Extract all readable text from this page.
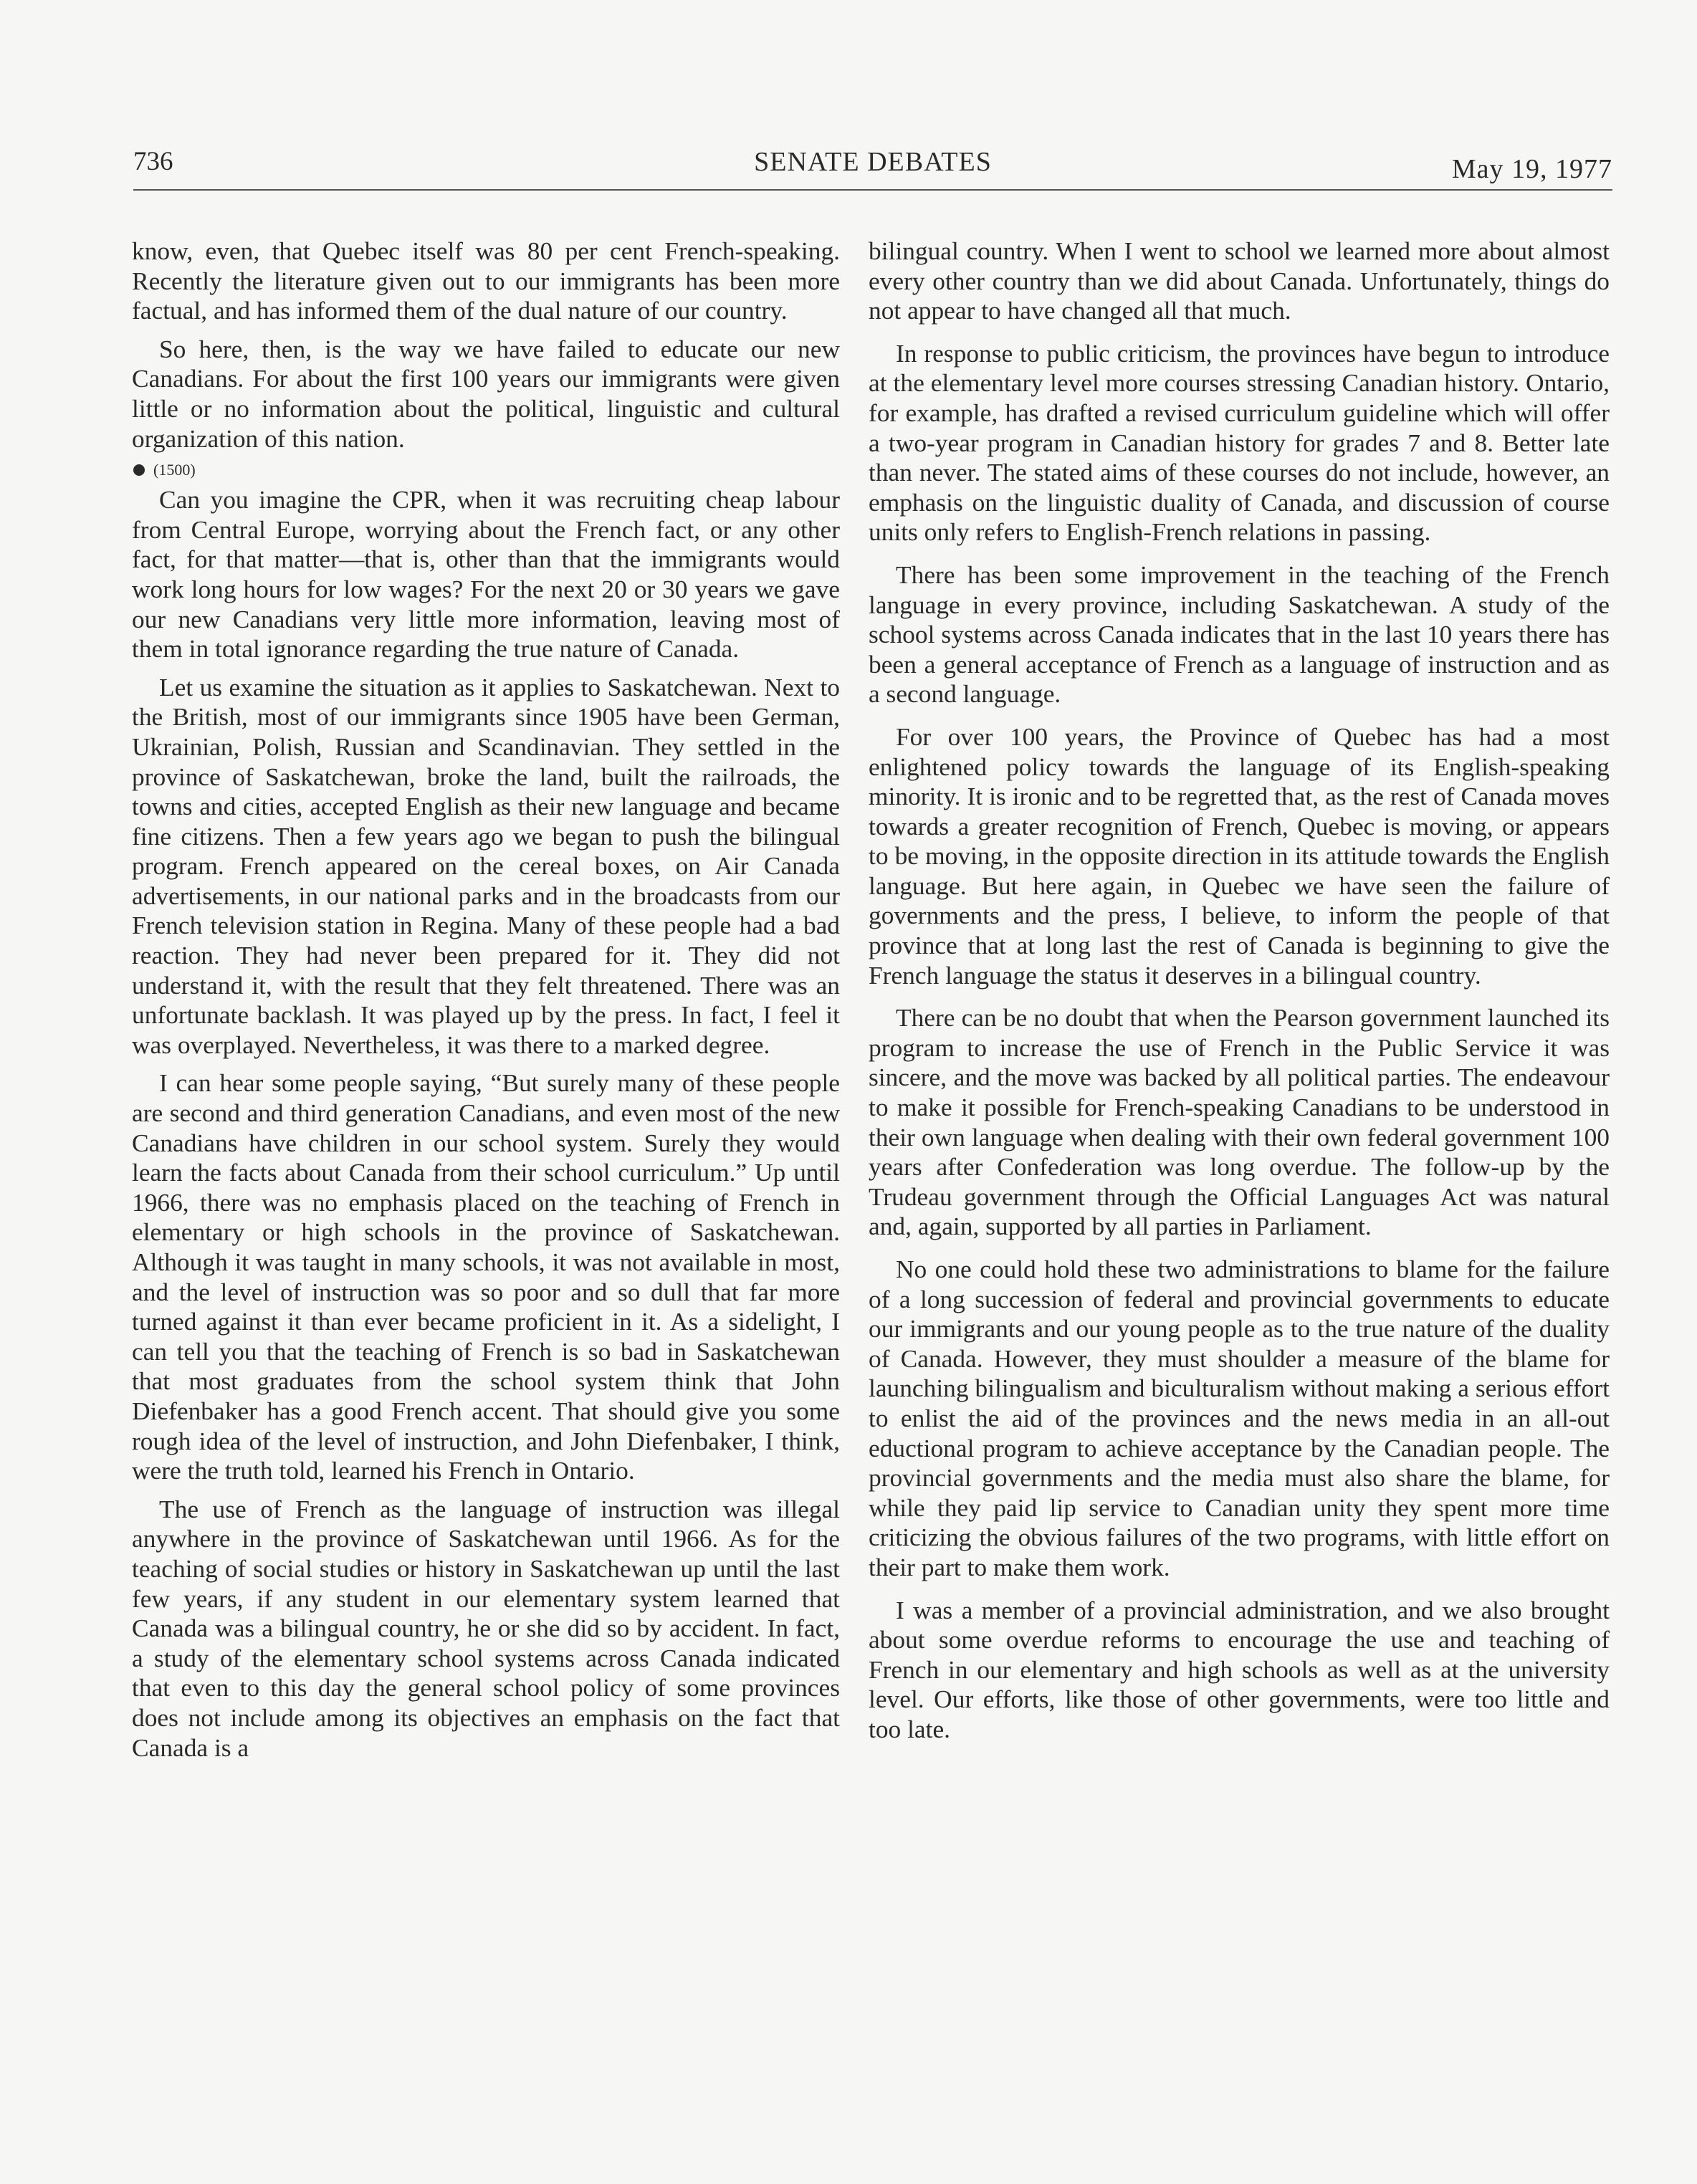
736	SENATE DEBATES	May 19, 1977

know, even, that Quebec itself was 80 per cent French-speaking. Recently the literature given out to our immigrants has been more factual, and has informed them of the dual nature of our country.

So here, then, is the way we have failed to educate our new Canadians. For about the first 100 years our immigrants were given little or no information about the political, linguistic and cultural organization of this nation.

(1500)

Can you imagine the CPR, when it was recruiting cheap labour from Central Europe, worrying about the French fact, or any other fact, for that matter—that is, other than that the immigrants would work long hours for low wages? For the next 20 or 30 years we gave our new Canadians very little more information, leaving most of them in total ignorance regarding the true nature of Canada.

Let us examine the situation as it applies to Saskatchewan. Next to the British, most of our immigrants since 1905 have been German, Ukrainian, Polish, Russian and Scandinavian. They settled in the province of Saskatchewan, broke the land, built the railroads, the towns and cities, accepted English as their new language and became fine citizens. Then a few years ago we began to push the bilingual program. French appeared on the cereal boxes, on Air Canada advertisements, in our national parks and in the broadcasts from our French television station in Regina. Many of these people had a bad reaction. They had never been prepared for it. They did not understand it, with the result that they felt threatened. There was an unfortunate backlash. It was played up by the press. In fact, I feel it was overplayed. Nevertheless, it was there to a marked degree.

I can hear some people saying, “But surely many of these people are second and third generation Canadians, and even most of the new Canadians have children in our school system. Surely they would learn the facts about Canada from their school curriculum.” Up until 1966, there was no emphasis placed on the teaching of French in elementary or high schools in the province of Saskatchewan. Although it was taught in many schools, it was not available in most, and the level of instruction was so poor and so dull that far more turned against it than ever became proficient in it. As a sidelight, I can tell you that the teaching of French is so bad in Saskatchewan that most graduates from the school system think that John Diefenbaker has a good French accent. That should give you some rough idea of the level of instruction, and John Diefenbaker, I think, were the truth told, learned his French in Ontario.

The use of French as the language of instruction was illegal anywhere in the province of Saskatchewan until 1966. As for the teaching of social studies or history in Saskatchewan up until the last few years, if any student in our elementary system learned that Canada was a bilingual country, he or she did so by accident. In fact, a study of the elementary school systems across Canada indicated that even to this day the general school policy of some provinces does not include among its objectives an emphasis on the fact that Canada is a

bilingual country. When I went to school we learned more about almost every other country than we did about Canada. Unfortunately, things do not appear to have changed all that much.

In response to public criticism, the provinces have begun to introduce at the elementary level more courses stressing Canadian history. Ontario, for example, has drafted a revised curriculum guideline which will offer a two-year program in Canadian history for grades 7 and 8. Better late than never. The stated aims of these courses do not include, however, an emphasis on the linguistic duality of Canada, and discussion of course units only refers to English-French relations in passing.

There has been some improvement in the teaching of the French language in every province, including Saskatchewan. A study of the school systems across Canada indicates that in the last 10 years there has been a general acceptance of French as a language of instruction and as a second language.

For over 100 years, the Province of Quebec has had a most enlightened policy towards the language of its English-speaking minority. It is ironic and to be regretted that, as the rest of Canada moves towards a greater recognition of French, Quebec is moving, or appears to be moving, in the opposite direction in its attitude towards the English language. But here again, in Quebec we have seen the failure of governments and the press, I believe, to inform the people of that province that at long last the rest of Canada is beginning to give the French language the status it deserves in a bilingual country.

There can be no doubt that when the Pearson government launched its program to increase the use of French in the Public Service it was sincere, and the move was backed by all political parties. The endeavour to make it possible for French-speaking Canadians to be understood in their own language when dealing with their own federal government 100 years after Confederation was long overdue. The follow-up by the Trudeau government through the Official Languages Act was natural and, again, supported by all parties in Parliament.

No one could hold these two administrations to blame for the failure of a long succession of federal and provincial governments to educate our immigrants and our young people as to the true nature of the duality of Canada. However, they must shoulder a measure of the blame for launching bilingualism and biculturalism without making a serious effort to enlist the aid of the provinces and the news media in an all-out eductional program to achieve acceptance by the Canadian people. The provincial governments and the media must also share the blame, for while they paid lip service to Canadian unity they spent more time criticizing the obvious failures of the two programs, with little effort on their part to make them work.

I was a member of a provincial administration, and we also brought about some overdue reforms to encourage the use and teaching of French in our elementary and high schools as well as at the university level. Our efforts, like those of other governments, were too little and too late.
